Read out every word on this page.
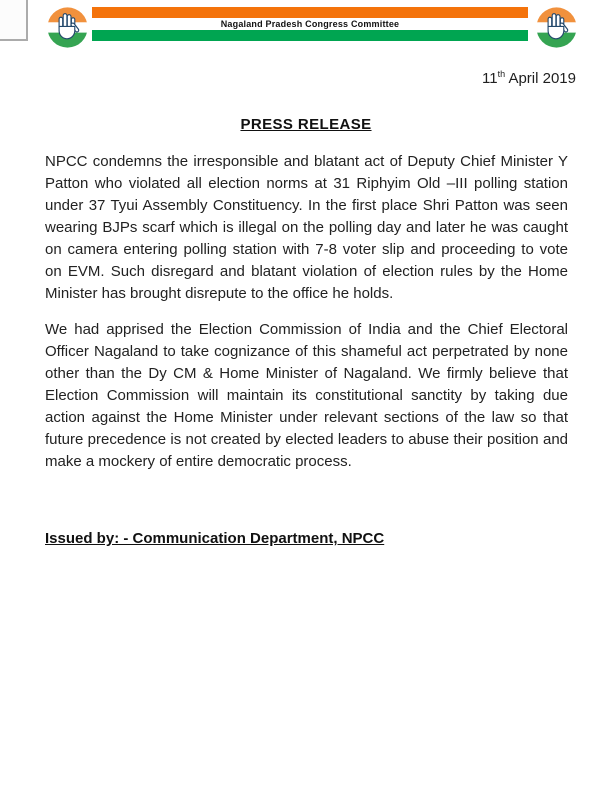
Nagaland Pradesh Congress Committee
11th April 2019
PRESS RELEASE

NPCC condemns the irresponsible and blatant act of Deputy Chief Minister Y Patton who violated all election norms at 31 Riphyim Old –III polling station under 37 Tyui Assembly Constituency. In the first place Shri Patton was seen wearing BJPs scarf which is illegal on the polling day and later he was caught on camera entering polling station with 7-8 voter slip and proceeding to vote on EVM. Such disregard and blatant violation of election rules by the Home Minister has brought disrepute to the office he holds.

We had apprised the Election Commission of India and the Chief Electoral Officer Nagaland to take cognizance of this shameful act perpetrated by none other than the Dy CM & Home Minister of Nagaland. We firmly believe that Election Commission will maintain its constitutional sanctity by taking due action against the Home Minister under relevant sections of the law so that future precedence is not created by elected leaders to abuse their position and make a mockery of entire democratic process.

Issued by: - Communication Department, NPCC
